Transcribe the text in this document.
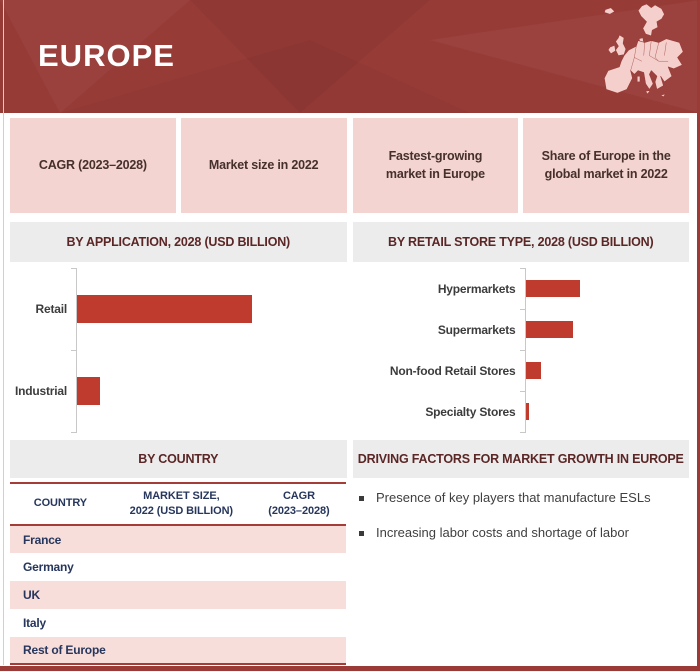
EUROPE
CAGR (2023–2028)	Market size in 2022
Fastest-growing market in Europe
Share of Europe in the global market in 2022
BY APPLICATION, 2028 (USD BILLION)	BY RETAIL STORE TYPE, 2028 (USD BILLION)
Retail
Industrial
Hypermarkets
Supermarkets
Non-food Retail Stores
Specialty Stores
BY COUNTRY	DRIVING FACTORS FOR MARKET GROWTH IN EUROPE
COUNTRY
MARKET SIZE,
2022 (USD BILLION)
CAGR
(2023–2028)
France
Germany
UK
Italy
Rest of Europe
Presence of key players that manufacture ESLs
Increasing labor costs and shortage of labor
